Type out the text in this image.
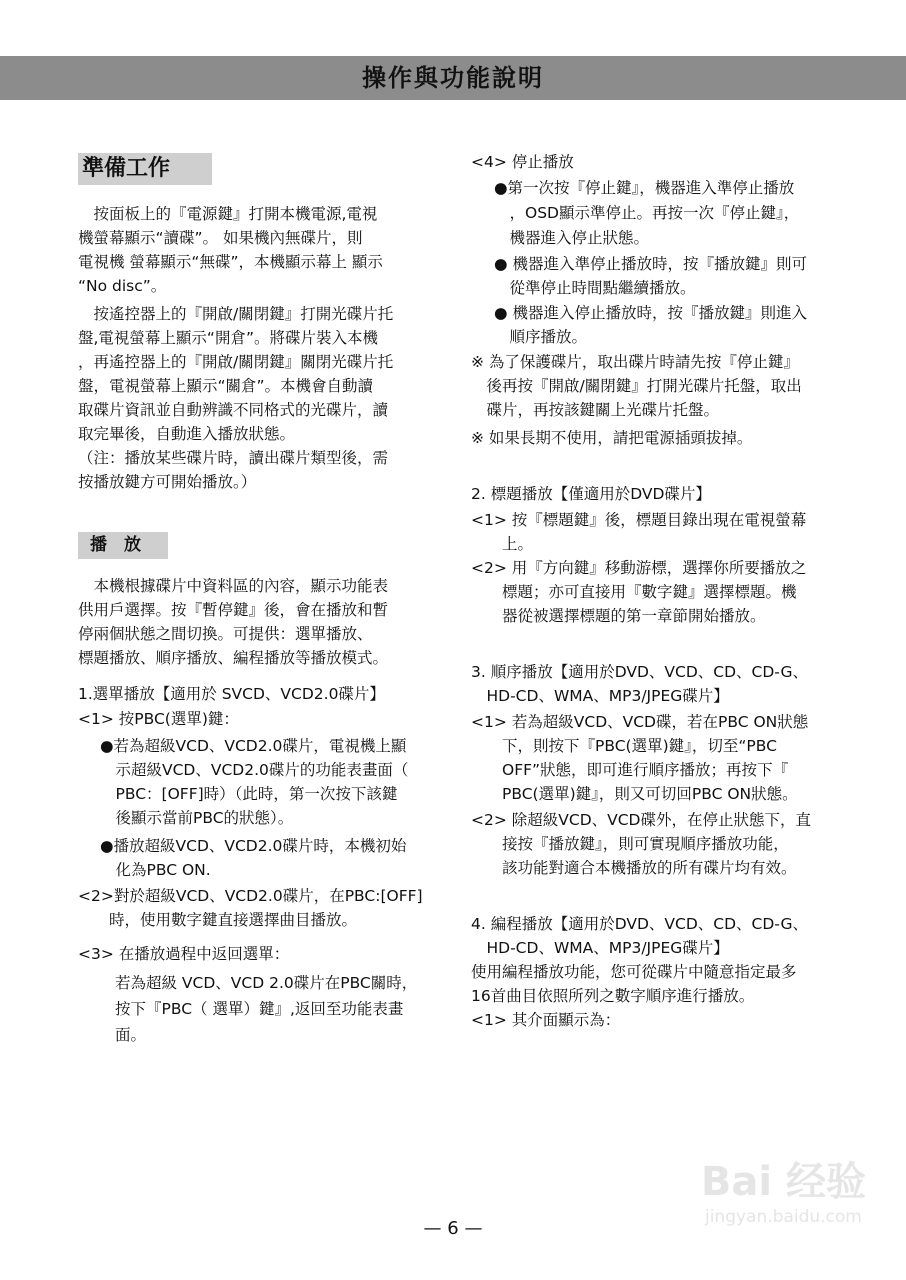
操作與功能說明
準備工作
　按面板上的『電源鍵』打開本機電源,電視
機螢幕顯示“讀碟”。 如果機內無碟片，則
電視機 螢幕顯示“無碟”，本機顯示幕上 顯示
“No disc”。
　按遙控器上的『開啟/關閉鍵』打開光碟片托
盤,電視螢幕上顯示“開倉”。將碟片裝入本機
，再遙控器上的『開啟/關閉鍵』關閉光碟片托
盤，電視螢幕上顯示“關倉”。本機會自動讀
取碟片資訊並自動辨識不同格式的光碟片，讀
取完畢後，自動進入播放狀態。
（注：播放某些碟片時，讀出碟片類型後，需
按播放鍵方可開始播放。）
播　放
　本機根據碟片中資料區的內容，顯示功能表
供用戶選擇。按『暫停鍵』後，會在播放和暫
停兩個狀態之間切換。可提供：選單播放、
標題播放、順序播放、編程播放等播放模式。
1.選單播放【適用於 SVCD、VCD2.0碟片】
<1> 按PBC(選單)鍵：
●若為超級VCD、VCD2.0碟片，電視機上顯
　示超級VCD、VCD2.0碟片的功能表畫面（
　PBC：[OFF]時）（此時，第一次按下該鍵
　後顯示當前PBC的狀態）。
●播放超級VCD、VCD2.0碟片時，本機初始
　化為PBC ON.
<2>對於超級VCD、VCD2.0碟片，在PBC:[OFF]
　　時，使用數字鍵直接選擇曲目播放。
<3> 在播放過程中返回選單：
若為超級 VCD、VCD 2.0碟片在PBC關時，
按下『PBC（ 選單）鍵』,返回至功能表畫
面。
<4> 停止播放
●第一次按『停止鍵』，機器進入準停止播放
　，OSD顯示準停止。再按一次『停止鍵』，
　機器進入停止狀態。
● 機器進入準停止播放時，按『播放鍵』則可
　從準停止時間點繼續播放。
● 機器進入停止播放時，按『播放鍵』則進入
　順序播放。
※ 為了保護碟片，取出碟片時請先按『停止鍵』
　後再按『開啟/關閉鍵』打開光碟片托盤，取出
　碟片，再按該鍵關上光碟片托盤。
※ 如果長期不使用，請把電源插頭拔掉。
2. 標題播放【僅適用於DVD碟片】
<1> 按『標題鍵』後，標題目錄出現在電視螢幕
　　上。
<2> 用『方向鍵』移動游標，選擇你所要播放之
　　標題；亦可直接用『數字鍵』選擇標題。機
　　器從被選擇標題的第一章節開始播放。
3. 順序播放【適用於DVD、VCD、CD、CD-G、
　HD-CD、WMA、MP3/JPEG碟片】
<1> 若為超級VCD、VCD碟，若在PBC ON狀態
　　下，則按下『PBC(選單)鍵』，切至“PBC
　　OFF”狀態，即可進行順序播放；再按下『
　　PBC(選單)鍵』，則又可切回PBC ON狀態。
<2> 除超級VCD、VCD碟外，在停止狀態下，直
　　接按『播放鍵』，則可實現順序播放功能，
　　該功能對適合本機播放的所有碟片均有效。
4. 編程播放【適用於DVD、VCD、CD、CD-G、
　HD-CD、WMA、MP3/JPEG碟片】
使用編程播放功能，您可從碟片中隨意指定最多
16首曲目依照所列之數字順序進行播放。
<1> 其介面顯示為：
Bai 经验
jingyan.baidu.com
— 6 —
